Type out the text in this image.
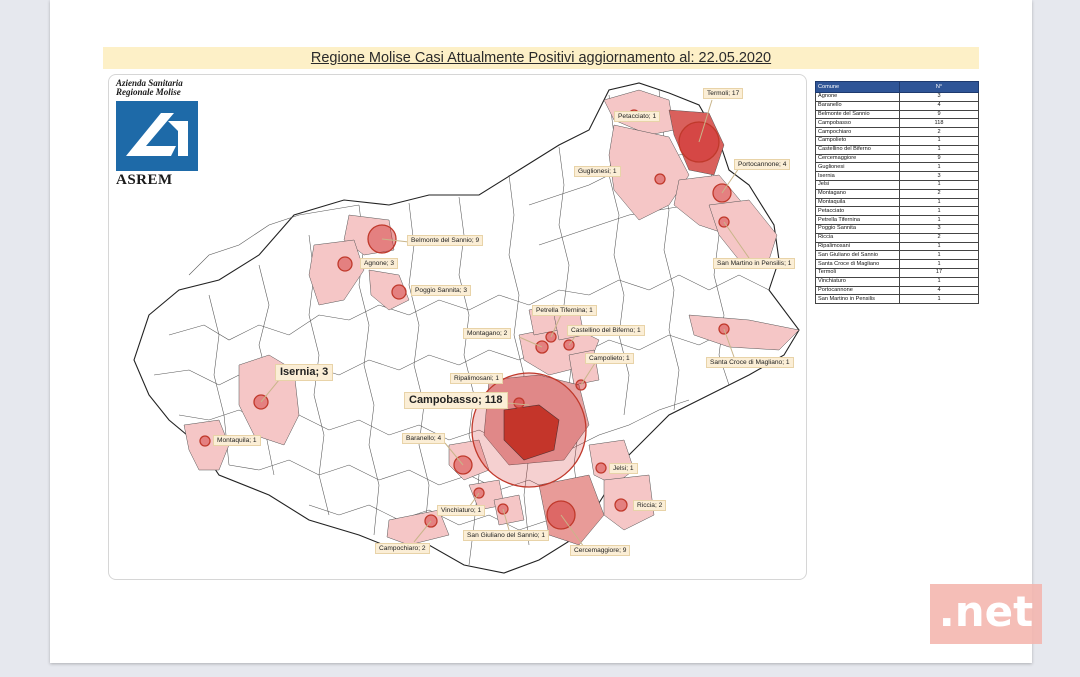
Regione Molise Casi Attualmente Positivi aggiornamento al: 22.05.2020
Azienda Sanitaria
Regionale Molise
ASREM
Termoli; 17
Petacciato; 1
Guglionesi; 1
Portocannone; 4
San Martino in Pensilis; 1
Belmonte del Sannio; 9
Agnone; 3
Poggio Sannita; 3
Petrella Tifernina; 1
Castellino del Biferno; 1
Montagano; 2
Campolieto; 1
Santa Croce di Magliano; 1
Isernia; 3
Ripalimosani; 1
Campobasso; 118
Montaquila; 1	Baranello; 4
Jelsi; 1
Riccia; 2
Vinchiaturo; 1
San Giuliano del Sannio; 1
Campochiaro; 2	Cercemaggiore; 9
Comune	N°
Agnone	3
Baranello	4
Belmonte del Sannio	9
Campobasso	118
Campochiaro	2
Campolieto	1
Castellino del Biferno	1
Cercemaggiore	9
Guglionesi	1
Isernia	3
Jelsi	1
Montagano	2
Montaquila	1
Petacciato	1
Petrella Tifernina	1
Poggio Sannita	3
Riccia	2
Ripalimosani	1
San Giuliano del Sannio	1
Santa Croce di Magliano	1
Termoli	17
Vinchiaturo	1
Portocannone	4
San Martino in Pensilis	1
.net
